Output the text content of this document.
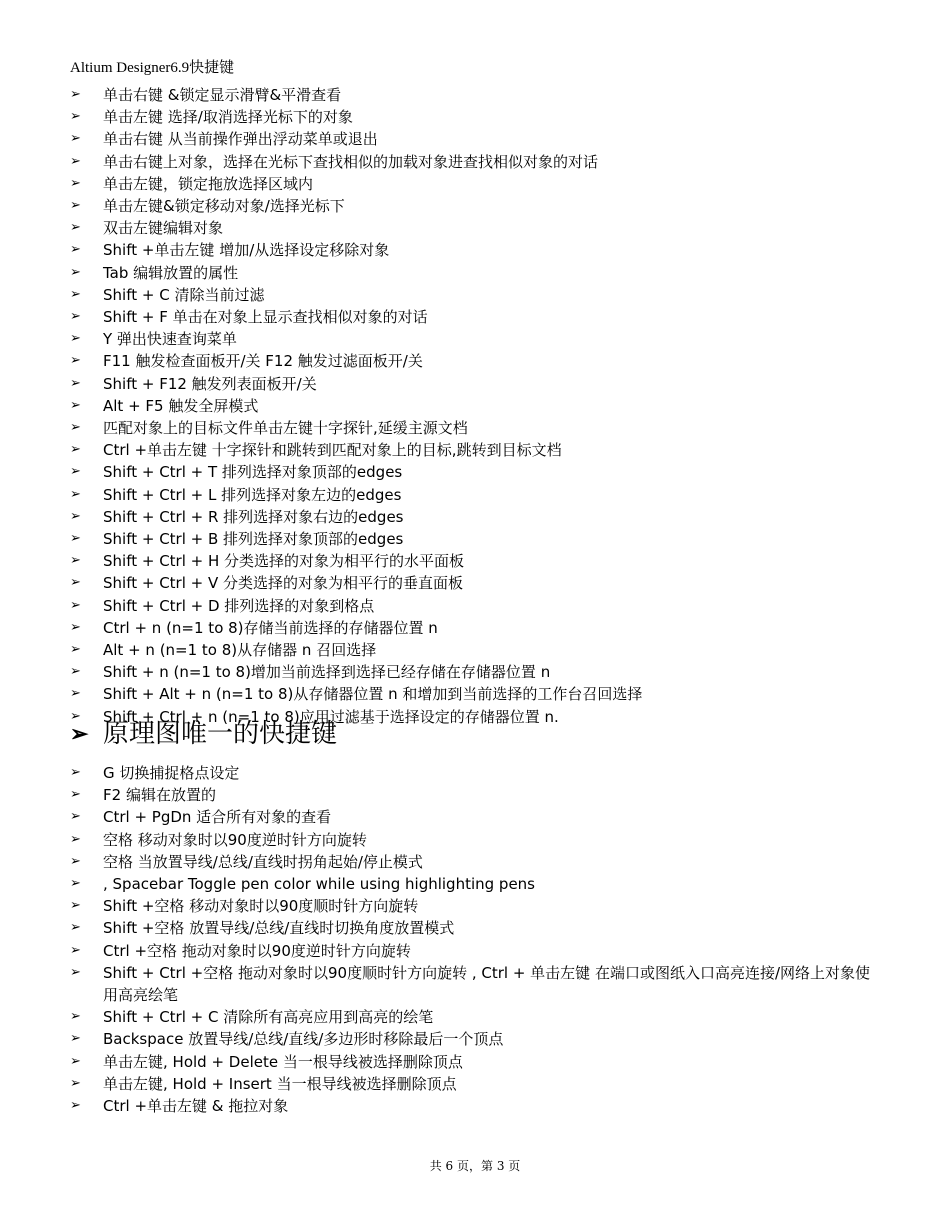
Altium Designer6.9快捷键
➢ 单击右键 &锁定显示滑臂&平滑查看
➢ 单击左键 选择/取消选择光标下的对象
➢ 单击右键 从当前操作弹出浮动菜单或退出
➢ 单击右键上对象，选择在光标下查找相似的加载对象进查找相似对象的对话
➢ 单击左键，锁定拖放选择区域内
➢ 单击左键&锁定移动对象/选择光标下
➢ 双击左键编辑对象
➢ Shift +单击左键 增加/从选择设定移除对象
➢ Tab 编辑放置的属性
➢ Shift + C 清除当前过滤
➢ Shift + F 单击在对象上显示查找相似对象的对话
➢ Y 弹出快速查询菜单
➢ F11 触发检查面板开/关 F12 触发过滤面板开/关
➢ Shift + F12 触发列表面板开/关
➢ Alt + F5 触发全屏模式
➢ 匹配对象上的目标文件单击左键十字探针,延缓主源文档
➢ Ctrl +单击左键 十字探针和跳转到匹配对象上的目标,跳转到目标文档
➢ Shift + Ctrl + T 排列选择对象顶部的edges
➢ Shift + Ctrl + L 排列选择对象左边的edges
➢ Shift + Ctrl + R 排列选择对象右边的edges
➢ Shift + Ctrl + B 排列选择对象顶部的edges
➢ Shift + Ctrl + H 分类选择的对象为相平行的水平面板
➢ Shift + Ctrl + V 分类选择的对象为相平行的垂直面板
➢ Shift + Ctrl + D 排列选择的对象到格点
➢ Ctrl + n (n=1 to 8)存储当前选择的存储器位置 n
➢ Alt + n (n=1 to 8)从存储器 n 召回选择
➢ Shift + n (n=1 to 8)增加当前选择到选择已经存储在存储器位置 n
➢ Shift + Alt + n (n=1 to 8)从存储器位置 n 和增加到当前选择的工作台召回选择
➢ Shift + Ctrl + n (n=1 to 8)应用过滤基于选择设定的存储器位置 n.
➢ 原理图唯一的快捷键
➢ G 切换捕捉格点设定
➢ F2 编辑在放置的
➢ Ctrl + PgDn 适合所有对象的查看
➢ 空格 移动对象时以90度逆时针方向旋转
➢ 空格 当放置导线/总线/直线时拐角起始/停止模式
➢ , Spacebar Toggle pen color while using highlighting pens
➢ Shift +空格 移动对象时以90度顺时针方向旋转
➢ Shift +空格 放置导线/总线/直线时切换角度放置模式
➢ Ctrl +空格 拖动对象时以90度逆时针方向旋转
➢ Shift + Ctrl +空格 拖动对象时以90度顺时针方向旋转 , Ctrl + 单击左键 在端口或图纸入口高亮连接/网络上对象使用高亮绘笔
➢ Shift + Ctrl + C 清除所有高亮应用到高亮的绘笔
➢ Backspace 放置导线/总线/直线/多边形时移除最后一个顶点
➢ 单击左键, Hold + Delete 当一根导线被选择删除顶点
➢ 单击左键, Hold + Insert 当一根导线被选择删除顶点
➢ Ctrl +单击左键 & 拖拉对象
共 6 页，第 3 页
